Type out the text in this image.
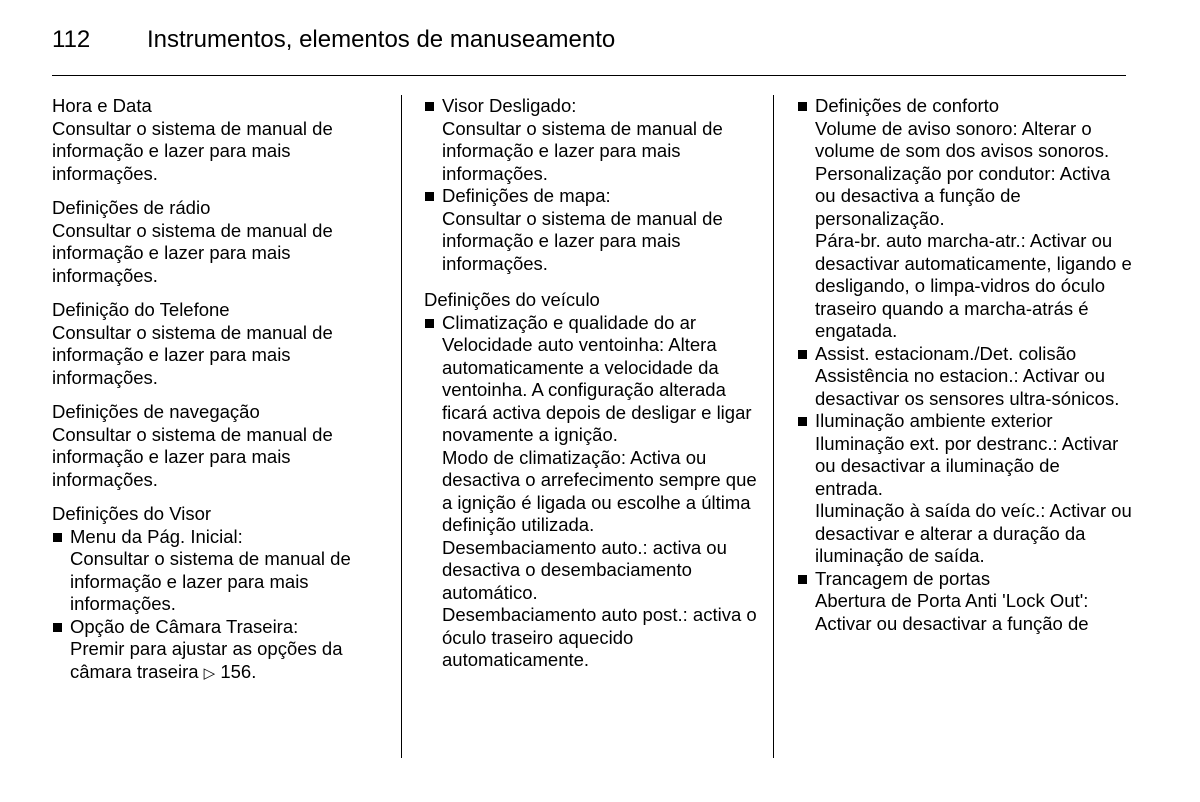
112 Instrumentos, elementos de manuseamento

Hora e Data

Consultar o sistema de manual de informação e lazer para mais informações.

Definições de rádio

Consultar o sistema de manual de informação e lazer para mais informações.

Definição do Telefone

Consultar o sistema de manual de informação e lazer para mais informações.

Definições de navegação

Consultar o sistema de manual de informação e lazer para mais informações.

Definições do Visor

Menu da Pág. Inicial:

Consultar o sistema de manual de informação e lazer para mais informações.

Opção de Câmara Traseira:

Premir para ajustar as opções da câmara traseira ▷ 156.

Visor Desligado:

Consultar o sistema de manual de informação e lazer para mais informações.

Definições de mapa:

Consultar o sistema de manual de informação e lazer para mais informações.

Definições do veículo

Climatização e qualidade do ar

Velocidade auto ventoinha: Altera automaticamente a velocidade da ventoinha. A configuração alterada ficará activa depois de desligar e ligar novamente a ignição.

Modo de climatização: Activa ou desactiva o arrefecimento sempre que a ignição é ligada ou escolhe a última definição utilizada.

Desembaciamento auto.: activa ou desactiva o desembaciamento automático.

Desembaciamento auto post.: activa o óculo traseiro aquecido automaticamente.

Definições de conforto

Volume de aviso sonoro: Alterar o volume de som dos avisos sonoros.

Personalização por condutor: Activa ou desactiva a função de personalização.

Pára-br. auto marcha-atr.: Activar ou desactivar automaticamente, ligando e desligando, o limpa-vidros do óculo traseiro quando a marcha-atrás é engatada.

Assist. estacionam./Det. colisão

Assistência no estacion.: Activar ou desactivar os sensores ultra-sónicos.

Iluminação ambiente exterior

Iluminação ext. por destranc.: Activar ou desactivar a iluminação de entrada.

Iluminação à saída do veíc.: Activar ou desactivar e alterar a duração da iluminação de saída.

Trancagem de portas

Abertura de Porta Anti 'Lock Out': Activar ou desactivar a função de
